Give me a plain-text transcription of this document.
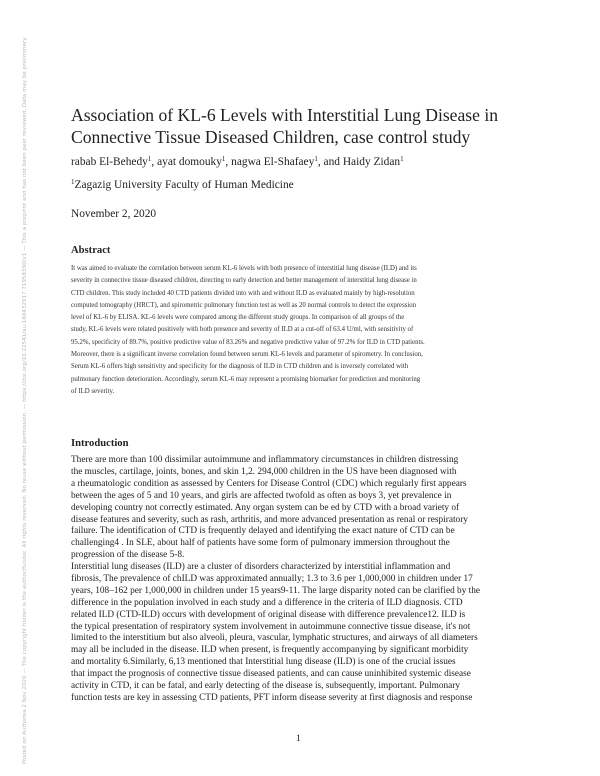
Posted on Authorea 2 Nov 2020 — The copyright holder is the author/funder. All rights reserved. No reuse without permission. — https://doi.org/10.22541/au.160432917.71958390/v1 — This a preprint and has not been peer reviewed. Data may be preliminary. Association of KL-6 Levels with Interstitial Lung Disease in
Connective Tissue Diseased Children, case control study
rabab El-Behedy$^1$, ayat domouky$^1$, nagwa El-Shafaey$^1$, and Haidy Zidan$^1$
$^1$Zagazig University Faculty of Human Medicine
November 2, 2020
Abstract
It was aimed to evaluate the correlation between serum KL-6 levels with both presence of interstitial lung disease (ILD) and its
severity in connective tissue diseased children, directing to early detection and better management of interstitial lung disease in
CTD children. This study included 40 CTD patients divided into with and without ILD as evaluated mainly by high-resolution
computed tomography (HRCT), and spirometric pulmonary function test as well as 20 normal controls to detect the expression
level of KL-6 by ELISA. KL-6 levels were compared among the different study groups. In comparison of all groups of the
study, KL-6 levels were related positively with both presence and severity of ILD at a cut-off of 63.4 U/ml, with sensitivity of
95.2%, specificity of 89.7%, positive predictive value of 83.26% and negative predictive value of 97.2% for ILD in CTD patients.
Moreover, there is a significant inverse correlation found between serum KL-6 levels and parameter of spirometry. In conclusion,
Serum KL-6 offers high sensitivity and specificity for the diagnosis of ILD in CTD children and is inversely correlated with
pulmonary function deterioration. Accordingly, serum KL-6 may represent a promising biomarker for prediction and monitoring
of ILD severity.
Introduction
There are more than 100 dissimilar autoimmune and inflammatory circumstances in children distressing
the muscles, cartilage, joints, bones, and skin 1,2. 294,000 children in the US have been diagnosed with
a rheumatologic condition as assessed by Centers for Disease Control (CDC) which regularly first appears
between the ages of 5 and 10 years, and girls are affected twofold as often as boys 3, yet prevalence in
developing country not correctly estimated. Any organ system can be ed by CTD with a broad variety of
disease features and severity, such as rash, arthritis, and more advanced presentation as renal or respiratory
failure. The identification of CTD is frequently delayed and identifying the exact nature of CTD can be
challenging4 . In SLE, about half of patients have some form of pulmonary immersion throughout the
progression of the disease 5-8.
Interstitial lung diseases (ILD) are a cluster of disorders characterized by interstitial inflammation and
fibrosis, The prevalence of chILD was approximated annually; 1.3 to 3.6 per 1,000,000 in children under 17
years, 108–162 per 1,000,000 in children under 15 years9-11. The large disparity noted can be clarified by the
difference in the population involved in each study and a difference in the criteria of ILD diagnosis. CTD
related ILD (CTD-ILD) occurs with development of original disease with difference prevalence12. ILD is
the typical presentation of respiratory system involvement in autoimmune connective tissue disease, it's not
limited to the interstitium but also alveoli, pleura, vascular, lymphatic structures, and airways of all diameters
may all be included in the disease. ILD when present, is frequently accompanying by significant morbidity
and mortality 6.Similarly, 6,13 mentioned that Interstitial lung disease (ILD) is one of the crucial issues
that impact the prognosis of connective tissue diseased patients, and can cause uninhibited systemic disease
activity in CTD, it can be fatal, and early detecting of the disease is, subsequently, important. Pulmonary
function tests are key in assessing CTD patients, PFT inform disease severity at first diagnosis and response
1
